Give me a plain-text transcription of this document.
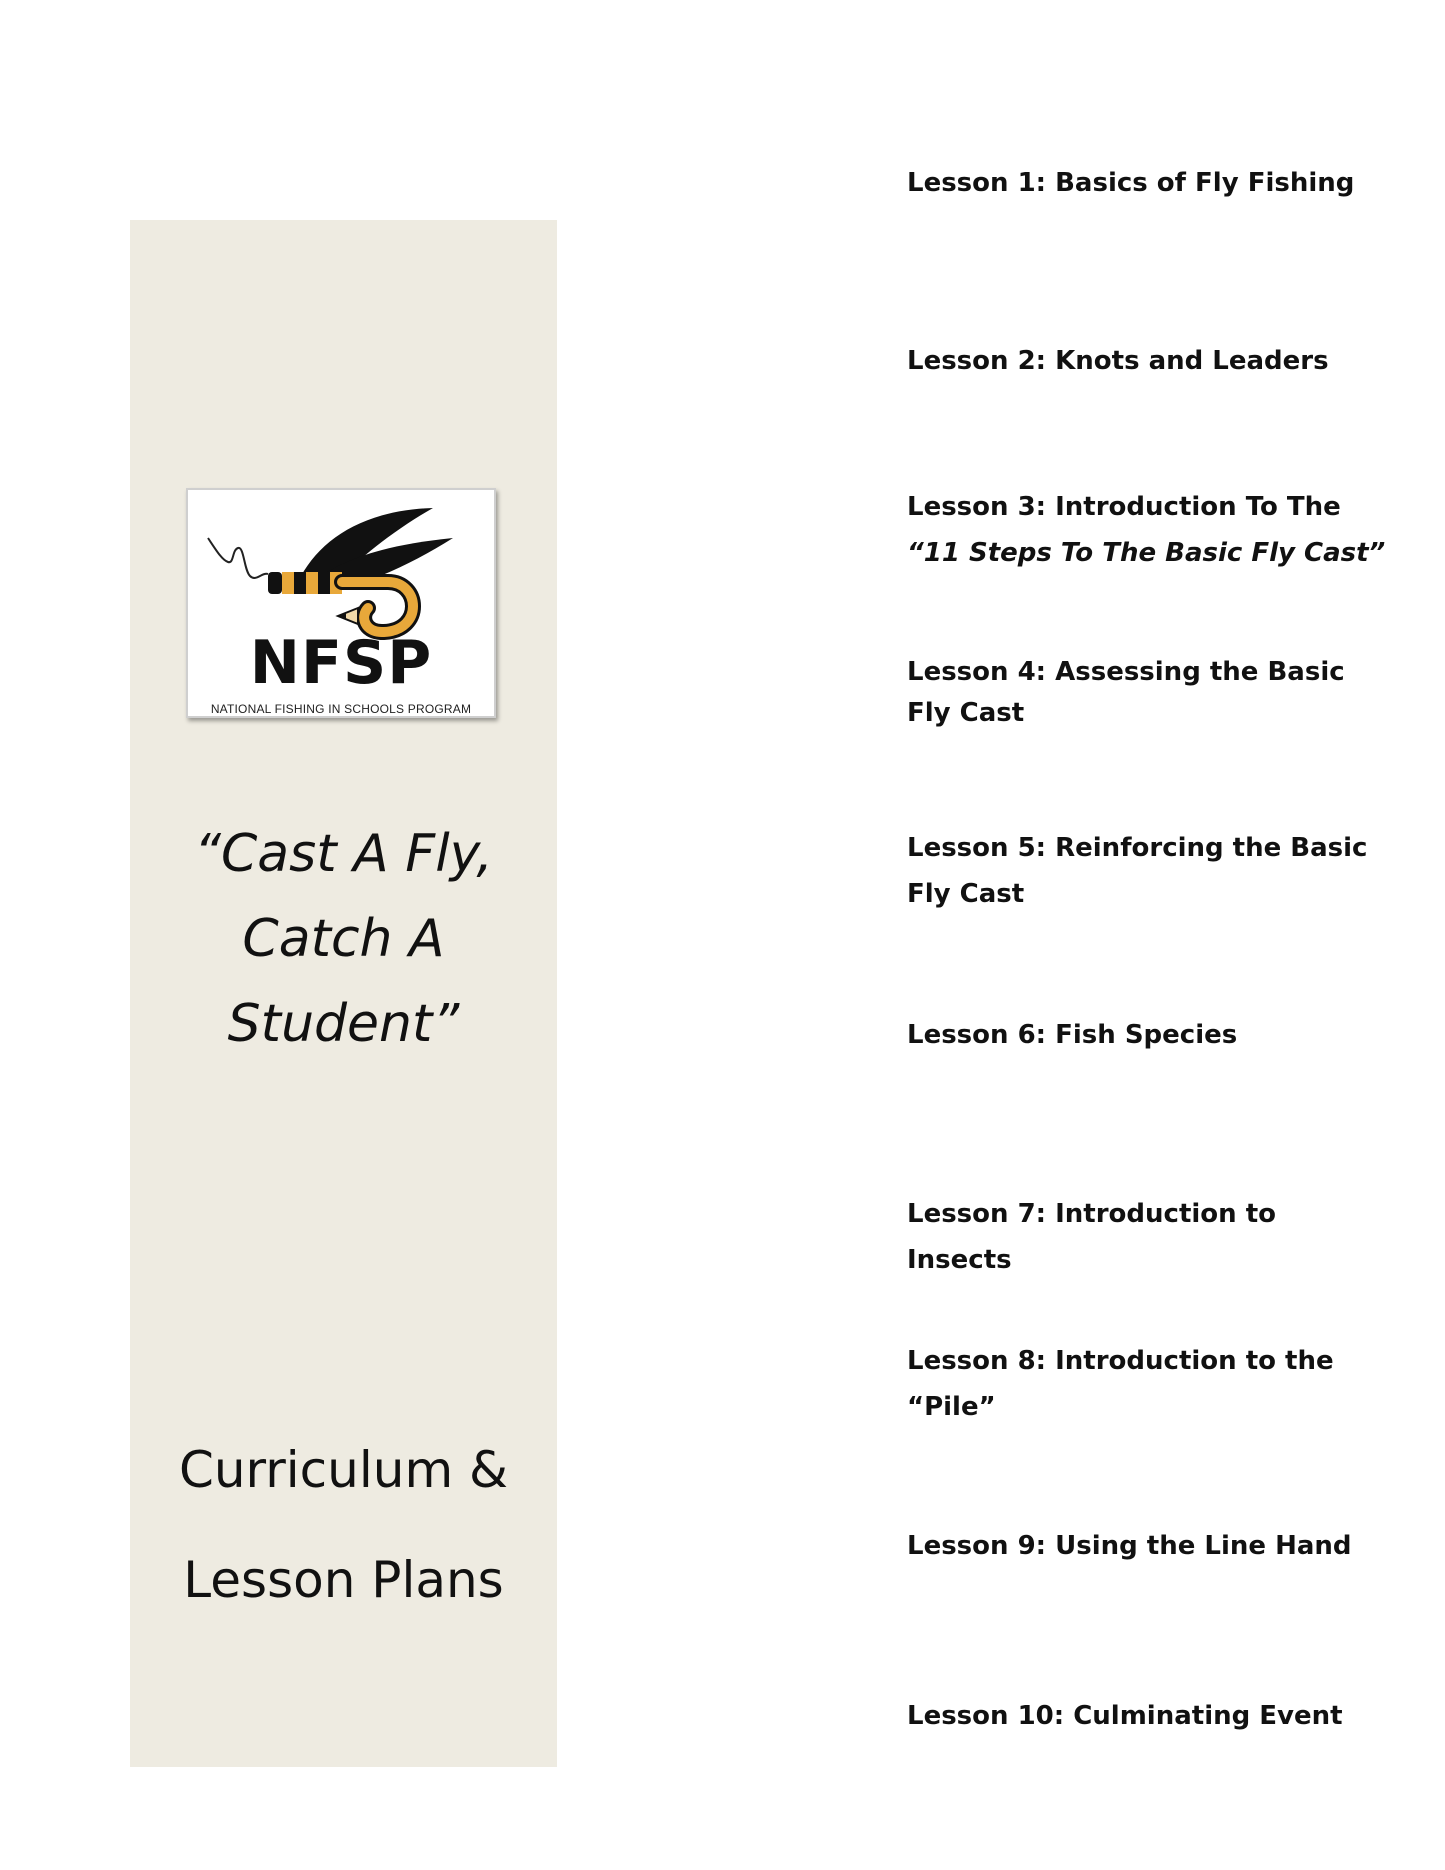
NFSP
NATIONAL FISHING IN SCHOOLS PROGRAM
“Cast A Fly,
Catch A
Student”
Curriculum &
Lesson Plans

Lesson 1: Basics of Fly Fishing

Lesson 2: Knots and Leaders

Lesson 3: Introduction To The “11 Steps To The Basic Fly Cast”

Lesson 4: Assessing the Basic Fly Cast

Lesson 5: Reinforcing the Basic Fly Cast

Lesson 6: Fish Species

Lesson 7: Introduction to Insects

Lesson 8: Introduction to the “Pile”

Lesson 9: Using the Line Hand

Lesson 10: Culminating Event
